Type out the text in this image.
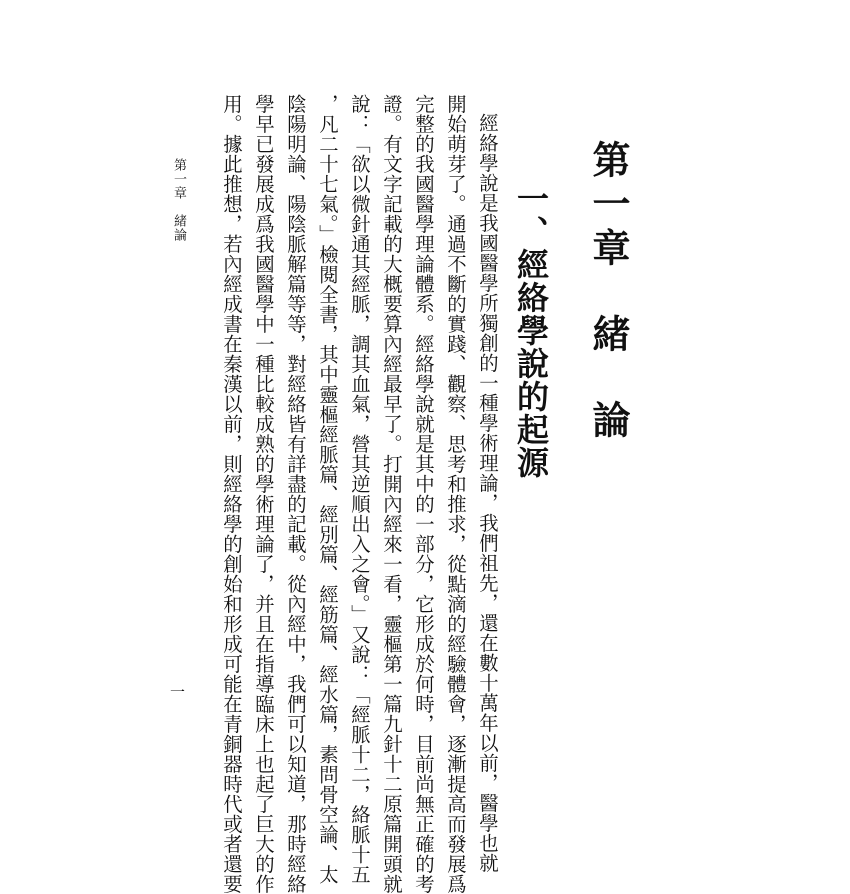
第一章緒論
一、經絡學說的起源
經絡學說是我國醫學所獨創的一種學術理論，我們祖先，還在數十萬年以前，醫學也就
開始萌芽了。通過不斷的實踐、觀察、思考和推求，從點滴的經驗體會，逐漸提高而發展爲
完整的我國醫學理論體系。經絡學說就是其中的一部分，它形成於何時，目前尚無正確的考
證。有文字記載的大概要算內經最早了。打開內經來一看，靈樞第一篇九針十二原篇開頭就
說：「欲以微針通其經脈，調其血氣，營其逆順出入之會。」又說：「經脈十二，絡脈十五
，凡二十七氣。」檢閱全書，其中靈樞經脈篇、經別篇、經筋篇、經水篇，素問骨空論、太
陰陽明論、陽陰脈解篇等等，對經絡皆有詳盡的記載。從內經中，我們可以知道，那時經絡
學早已發展成爲我國醫學中一種比較成熟的學術理論了，并且在指導臨床上也起了巨大的作
用。據此推想，若內經成書在秦漢以前，則經絡學的創始和形成可能在青銅器時代或者還要
第一章　緒論
一
